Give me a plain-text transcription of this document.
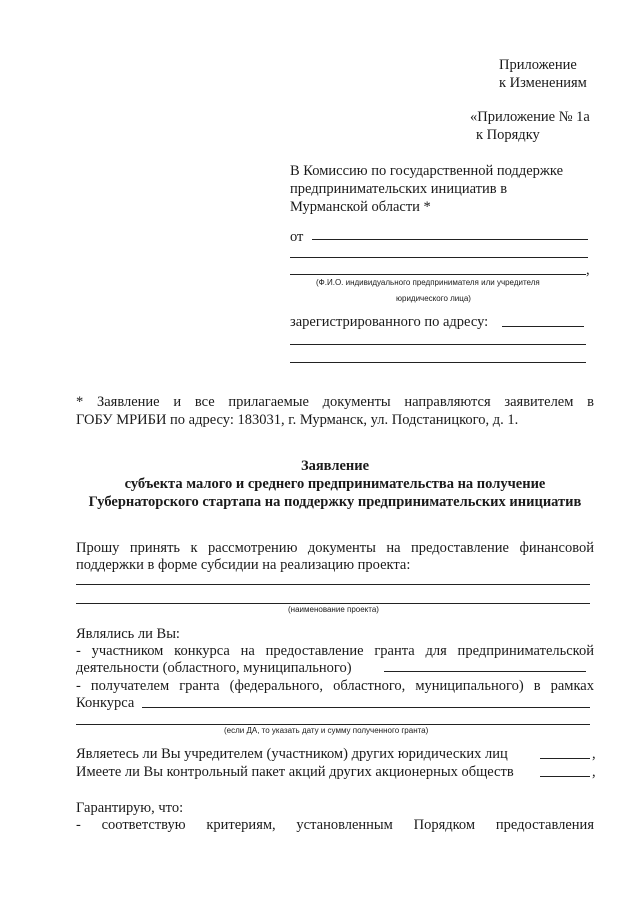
Приложение
к Изменениям
«Приложение № 1а
к Порядку
В Комиссию по государственной поддержке
предпринимательских инициатив в
Мурманской области *
от
,
(Ф.И.О. индивидуального предпринимателя или учредителя
юридического лица)
зарегистрированного по адресу:
* Заявление и все прилагаемые документы направляются заявителем в
ГОБУ МРИБИ по адресу: 183031, г. Мурманск, ул. Подстаницкого, д. 1.
Заявление
субъекта малого и среднего предпринимательства на получение
Губернаторского стартапа на поддержку предпринимательских инициатив
Прошу принять к рассмотрению документы на предоставление финансовой
поддержки в форме субсидии на реализацию проекта:
(наименование проекта)
Являлись ли Вы:
- участником конкурса на предоставление гранта для предпринимательской
деятельности (областного, муниципального)
- получателем гранта (федерального, областного, муниципального) в рамках
Конкурса
(если ДА, то указать дату и сумму полученного гранта)
Являетесь ли Вы учредителем (участником) других юридических лиц	,
Имеете ли Вы контрольный пакет акций других акционерных обществ	,
Гарантирую, что:
- соответствую критериям, установленным Порядком предоставления
